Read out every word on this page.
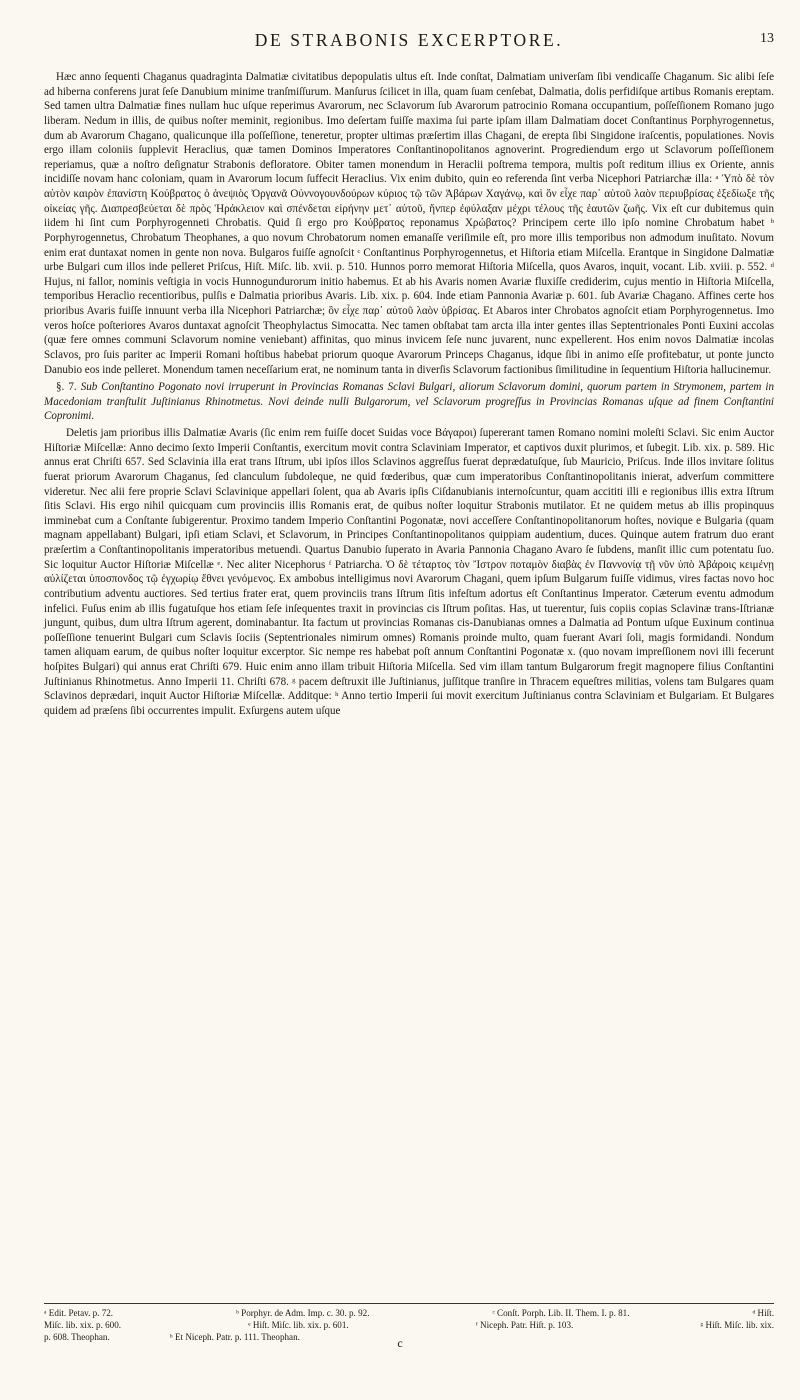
DE STRABONIS EXCERPTORE.	13

Hæc anno ſequenti Chaganus quadraginta Dalmatiæ civitatibus depopulatis ultus eſt. Inde conſtat, Dalmatiam univerſam ſibi vendicaſſe Chaganum. Sic alibi ſeſe ad hiberna conferens jurat ſeſe Danubium minime tranſmiſſurum. Manſurus ſcilicet in illa, quam ſuam cenſebat, Dalmatia, dolis perfidiſque artibus Romanis ereptam. Sed tamen ultra Dalmatiæ fines nullam huc uſque reperimus Avarorum, nec Sclavorum ſub Avarorum patrocinio Romana occupantium, poſſeſſionem Romano jugo liberam. Nedum in illis, de quibus noſter meminit, regionibus. Imo deſertam fuiſſe maxima ſui parte ipſam illam Dalmatiam docet Conſtantinus Porphyrogennetus, dum ab Avarorum Chagano, qualicunque illa poſſeſſione, teneretur, propter ultimas præſertim illas Chagani, de erepta ſibi Singidone iraſcentis, populationes. Novis ergo illam coloniis ſupplevit Heraclius, quæ tamen Dominos Imperatores Conſtantinopolitanos agnoverint. Progrediendum ergo ut Sclavorum poſſeſſionem reperiamus, quæ a noſtro deſignatur Strabonis defloratore. Obiter tamen monendum in Heraclii poſtrema tempora, multis poſt reditum illius ex Oriente, annis incidiſſe novam hanc coloniam, quam in Avarorum locum ſuffecit Heraclius. Vix enim dubito, quin eo referenda ſint verba Nicephori Patriarchæ illa: ᵃ Ὑπὸ δὲ τὸν αὐτὸν καιρὸν ἐπανίστη Κούβρατος ὁ ἀνεψιὸς Ὀργανᾶ Οὐννογουνδούρων κύριος τῷ τῶν Ἀβάρων Χαγάνῳ, καὶ ὃν εἶχε παρ᾽ αὐτοῦ λαὸν περιυβρίσας ἐξεδίωξε τῆς οἰκείας γῆς. Διαπρεσβεύεται δὲ πρὸς Ἡράκλειον καὶ σπένδεται εἰρήνην μετ᾽ αὐτοῦ, ἥνπερ ἐφύλαξαν μέχρι τέλους τῆς ἑαυτῶν ζωῆς. Vix eſt cur dubitemus quin iidem hi ſint cum Porphyrogenneti Chrobatis. Quid ſi ergo pro Κούβρατος reponamus Χρώβατος? Principem certe illo ipſo nomine Chrobatum habet ᵇ Porphyrogennetus, Chrobatum Theophanes, a quo novum Chrobatorum nomen emanaſſe veriſimile eſt, pro more illis temporibus non admodum inuſitato. Novum enim erat duntaxat nomen in gente non nova. Bulgaros fuiſſe agnoſcit ᶜ Conſtantinus Porphyrogennetus, et Hiſtoria etiam Miſcella. Erantque in Singidone Dalmatiæ urbe Bulgari cum illos inde pelleret Priſcus, Hiſt. Miſc. lib. xvii. p. 510. Hunnos porro memorat Hiſtoria Miſcella, quos Avaros, inquit, vocant. Lib. xviii. p. 552. ᵈ Hujus, ni fallor, nominis veſtigia in vocis Hunnogundurorum initio habemus. Et ab his Avaris nomen Avariæ fluxiſſe crediderim, cujus mentio in Hiſtoria Miſcella, temporibus Heraclio recentioribus, pulſis e Dalmatia prioribus Avaris. Lib. xix. p. 604. Inde etiam Pannonia Avariæ p. 601. ſub Avariæ Chagano. Affines certe hos prioribus Avaris fuiſſe innuunt verba illa Nicephori Patriarchæ; ὃν εἶχε παρ᾽ αὐτοῦ λαὸν ὑβρίσας. Et Abaros inter Chrobatos agnoſcit etiam Porphyrogennetus. Imo veros hoſce poſteriores Avaros duntaxat agnoſcit Theophylactus Simocatta. Nec tamen obſtabat tam arcta illa inter gentes illas Septentrionales Ponti Euxini accolas (quæ fere omnes communi Sclavorum nomine veniebant) affinitas, quo minus invicem ſeſe nunc juvarent, nunc expellerent. Hos enim novos Dalmatiæ incolas Sclavos, pro ſuis pariter ac Imperii Romani hoſtibus habebat priorum quoque Avarorum Princeps Chaganus, idque ſibi in animo eſſe profitebatur, ut ponte juncto Danubio eos inde pelleret. Monendum tamen neceſſarium erat, ne nominum tanta in diverſis Sclavorum factionibus ſimilitudine in ſequentium Hiſtoria hallucinemur.

§. 7. Sub Conſtantino Pogonato novi irruperunt in Provincias Romanas Sclavi Bulgari, aliorum Sclavorum domini, quorum partem in Strymonem, partem in Macedoniam tranſtulit Juſtinianus Rhinotmetus. Novi deinde nulli Bulgarorum, vel Sclavorum progreſſus in Provincias Romanas uſque ad finem Conſtantini Copronimi.

Deletis jam prioribus illis Dalmatiæ Avaris (ſic enim rem fuiſſe docet Suidas voce Βάγαροι) ſupererant tamen Romano nomini moleſti Sclavi. Sic enim Auctor Hiſtoriæ Miſcellæ: Anno decimo ſexto Imperii Conſtantis, exercitum movit contra Sclaviniam Imperator, et captivos duxit plurimos, et ſubegit. Lib. xix. p. 589. Hic annus erat Chriſti 657. Sed Sclavinia illa erat trans Iſtrum, ubi ipſos illos Sclavinos aggreſſus fuerat deprædatuſque, ſub Mauricio, Priſcus. Inde illos invitare ſolitus fuerat priorum Avarorum Chaganus, ſed clanculum ſubdoleque, ne quid fœderibus, quæ cum imperatoribus Conſtantinopolitanis inierat, adverſum committere videretur. Nec alii fere proprie Sclavi Sclavinique appellari ſolent, qua ab Avaris ipſis Ciſdanubianis internoſcuntur, quam accititi illi e regionibus illis extra Iſtrum ſitis Sclavi. His ergo nihil quicquam cum provinciis illis Romanis erat, de quibus noſter loquitur Strabonis mutilator. Et ne quidem metus ab illis propinquus imminebat cum a Conſtante ſubigerentur. Proximo tandem Imperio Conſtantini Pogonatæ, novi acceſſere Conſtantinopolitanorum hoſtes, novique e Bulgaria (quam magnam appellabant) Bulgari, ipſi etiam Sclavi, et Sclavorum, in Principes Conſtantinopolitanos quippiam audentium, duces. Quinque autem fratrum duo erant præſertim a Conſtantinopolitanis imperatoribus metuendi. Quartus Danubio ſuperato in Avaria Pannonia Chagano Avaro ſe ſubdens, manſit illic cum potentatu ſuo. Sic loquitur Auctor Hiſtoriæ Miſcellæ ᵉ. Nec aliter Nicephorus ᶠ Patriarcha. Ὁ δὲ τέταρτος τὸν Ἴστρον ποταμὸν διαβὰς ἐν Παννονίᾳ τῇ νῦν ὑπὸ Ἀβάροις κειμένῃ αὐλίζεται ὑποσπονδος τῷ ἐγχωρίῳ ἔθνει γενόμενος. Ex ambobus intelligimus novi Avarorum Chagani, quem ipſum Bulgarum fuiſſe vidimus, vires factas novo hoc contributium adventu auctiores. Sed tertius frater erat, quem provinciis trans Iſtrum ſitis infeſtum adortus eſt Conſtantinus Imperator. Cæterum eventu admodum infelici. Fuſus enim ab illis fugatuſque hos etiam ſeſe inſequentes traxit in provincias cis Iſtrum poſitas. Has, ut tuerentur, ſuis copiis copias Sclavinæ trans-Iſtrianæ jungunt, quibus, dum ultra Iſtrum agerent, dominabantur. Ita factum ut provincias Romanas cis-Danubianas omnes a Dalmatia ad Pontum uſque Euxinum continua poſſeſſione tenuerint Bulgari cum Sclavis ſociis (Septentrionales nimirum omnes) Romanis proinde multo, quam fuerant Avari ſoli, magis formidandi. Nondum tamen aliquam earum, de quibus noſter loquitur excerptor. Sic nempe res habebat poſt annum Conſtantini Pogonatæ x. (quo novam impreſſionem novi illi fecerunt hoſpites Bulgari) qui annus erat Chriſti 679. Huic enim anno illam tribuit Hiſtoria Miſcella. Sed vim illam tantum Bulgarorum fregit magnopere filius Conſtantini Juſtinianus Rhinotmetus. Anno Imperii 11. Chriſti 678. ᵍ pacem deſtruxit ille Juſtinianus, juſſitque tranſire in Thracem equeſtres militias, volens tam Bulgares quam Sclavinos deprædari, inquit Auctor Hiſtoriæ Miſcellæ. Additque: ʰ Anno tertio Imperii ſui movit exercitum Juſtinianus contra Sclaviniam et Bulgariam. Et Bulgares quidem ad præſens ſibi occurrentes impulit. Exſurgens autem uſque

ᵃ Edit. Petav. p. 72.	ᵇ Porphyr. de Adm. Imp. c. 30. p. 92.	ᶜ Conſt. Porph. Lib. II. Them. I. p. 81.	ᵈ Hiſt.
Miſc. lib. xix. p. 600.	ᵉ Hiſt. Miſc. lib. xix. p. 601.	ᶠ Niceph. Patr. Hiſt. p. 103.	ᵍ Hiſt. Miſc. lib. xix.
p. 608. Theophan.	ʰ Et Niceph. Patr. p. 111. Theophan.	c
